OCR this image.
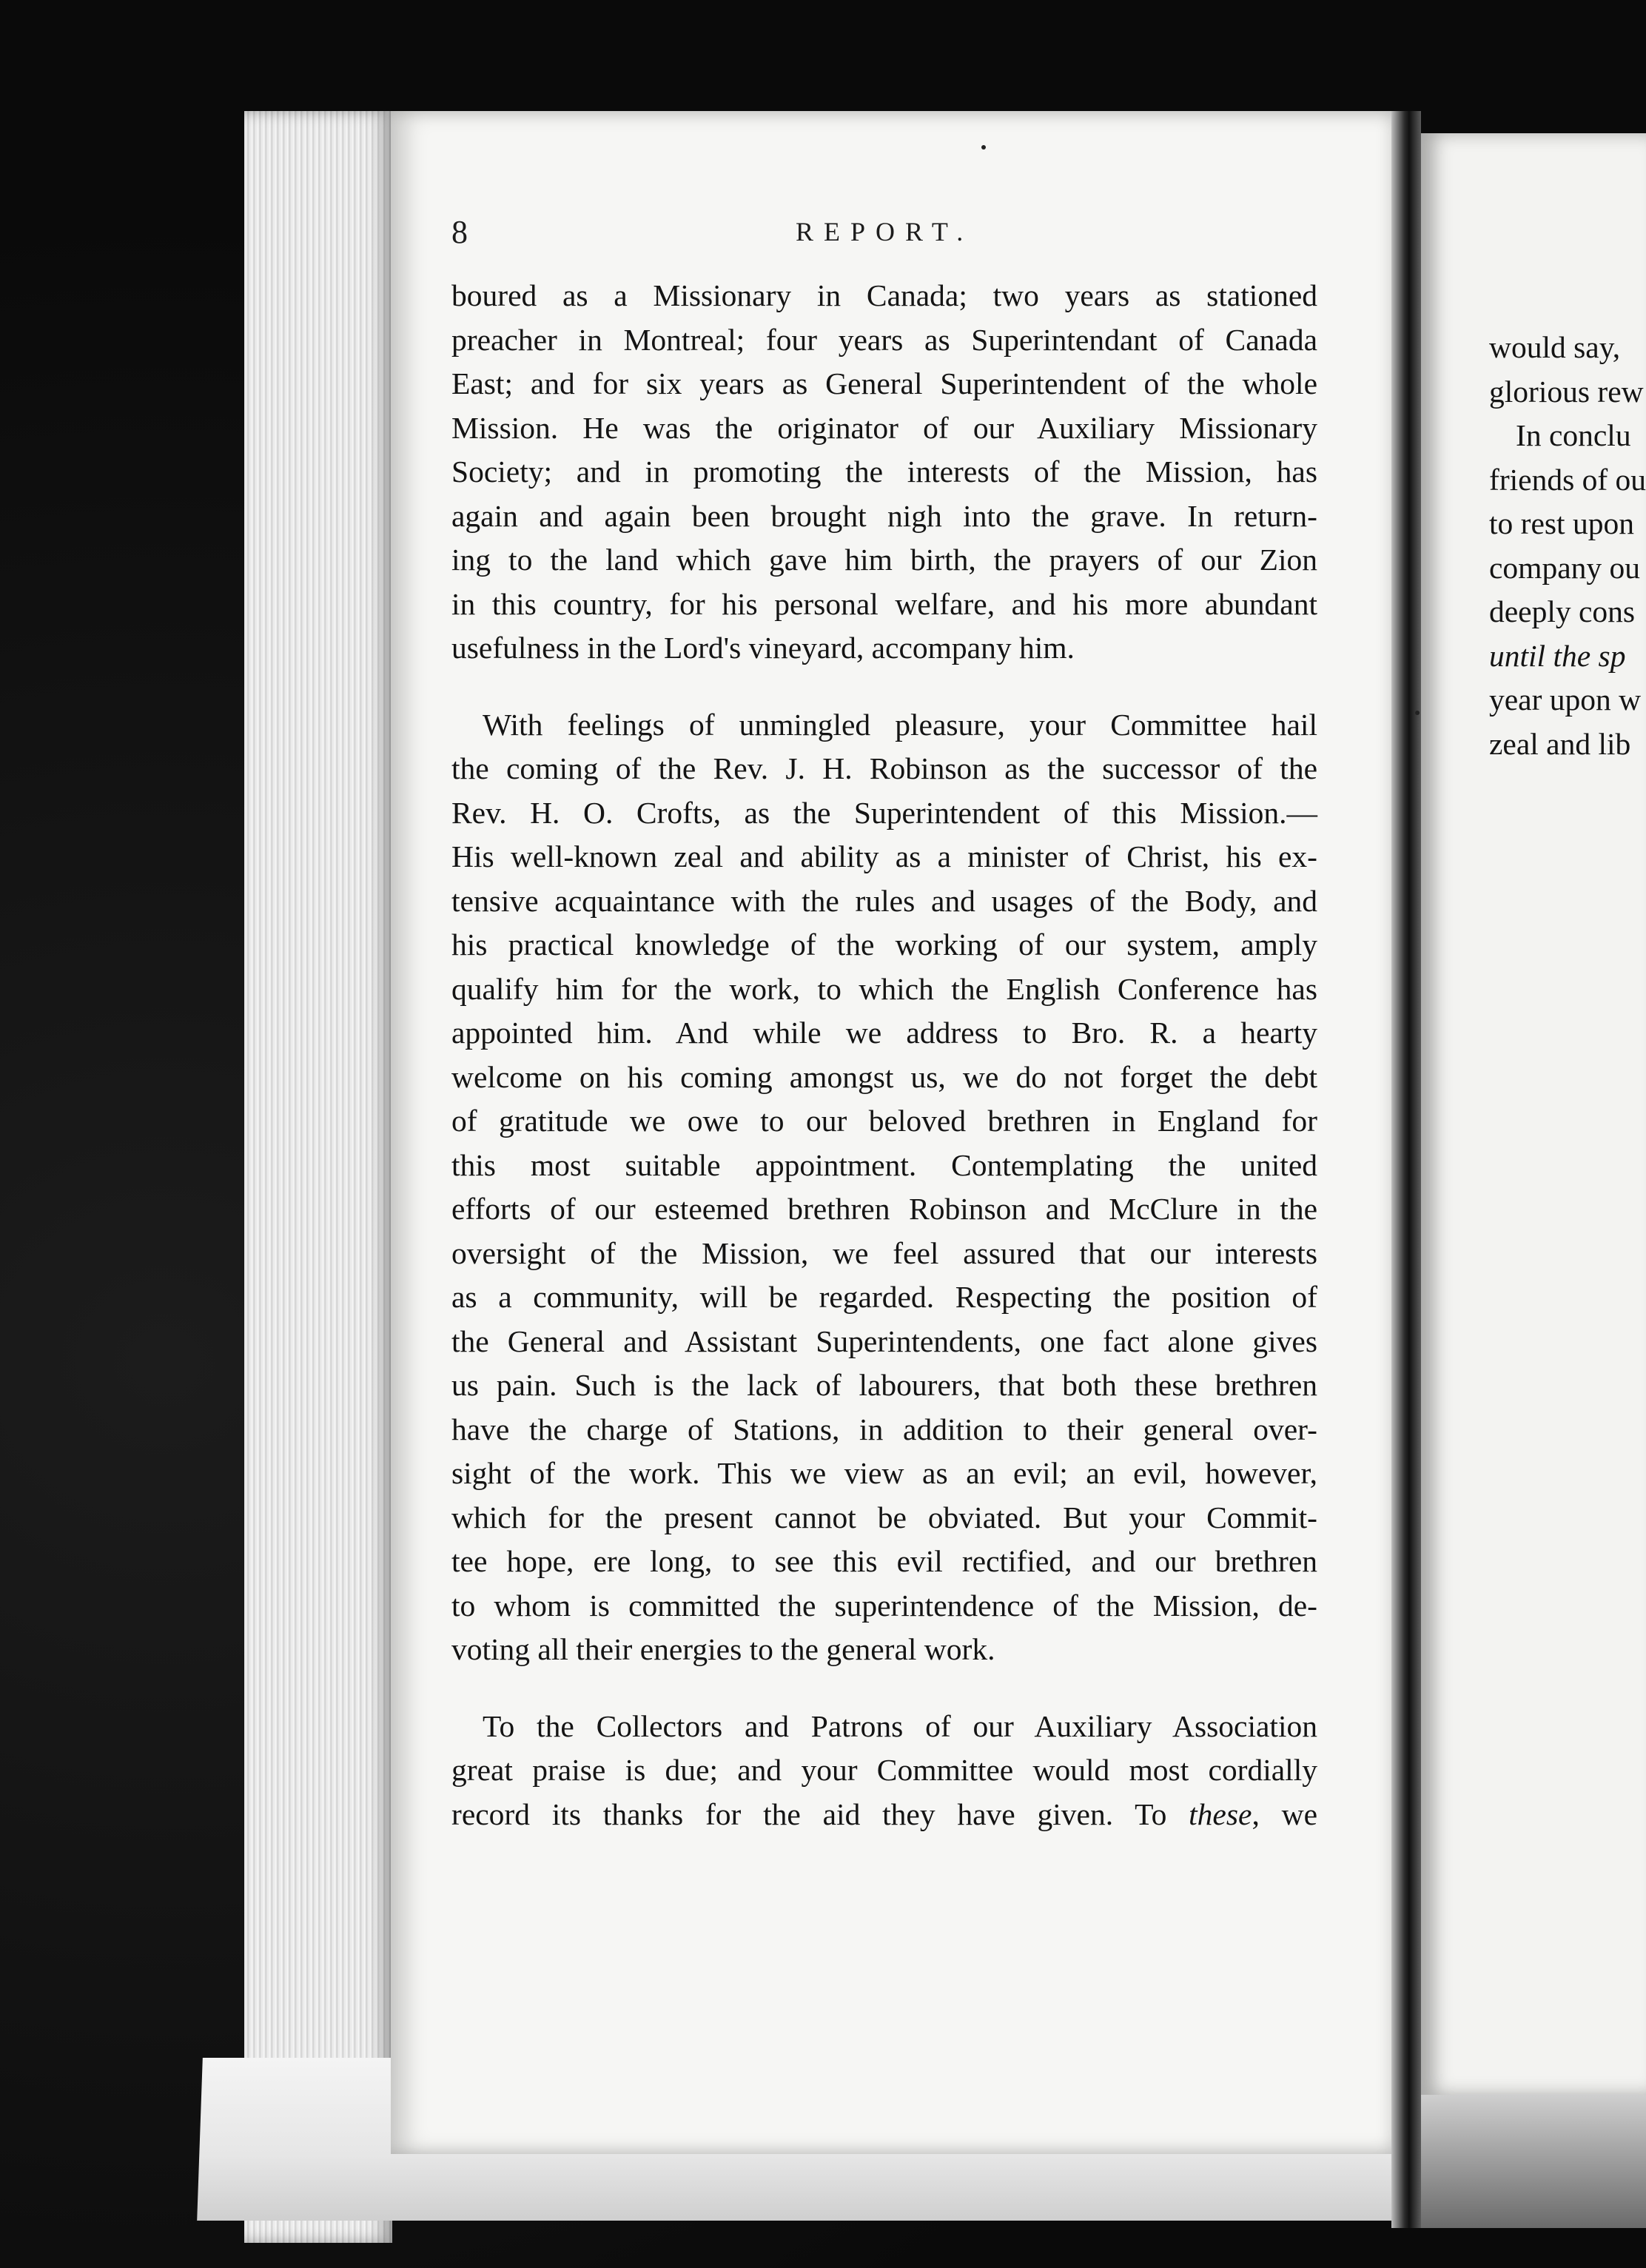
8	REPORT.

boured as a Missionary in Canada; two years as stationed
preacher in Montreal; four years as Superintendant of Canada
East; and for six years as General Superintendent of the whole
Mission. He was the originator of our Auxiliary Missionary
Society; and in promoting the interests of the Mission, has
again and again been brought nigh into the grave. In return-
ing to the land which gave him birth, the prayers of our Zion
in this country, for his personal welfare, and his more abundant
usefulness in the Lord's vineyard, accompany him.

With feelings of unmingled pleasure, your Committee hail
the coming of the Rev. J. H. Robinson as the successor of the
Rev. H. O. Crofts, as the Superintendent of this Mission.—
His well-known zeal and ability as a minister of Christ, his ex-
tensive acquaintance with the rules and usages of the Body, and
his practical knowledge of the working of our system, amply
qualify him for the work, to which the English Conference has
appointed him. And while we address to Bro. R. a hearty
welcome on his coming amongst us, we do not forget the debt
of gratitude we owe to our beloved brethren in England for
this most suitable appointment. Contemplating the united
efforts of our esteemed brethren Robinson and McClure in the
oversight of the Mission, we feel assured that our interests
as a community, will be regarded. Respecting the position of
the General and Assistant Superintendents, one fact alone gives
us pain. Such is the lack of labourers, that both these brethren
have the charge of Stations, in addition to their general over-
sight of the work. This we view as an evil; an evil, however,
which for the present cannot be obviated. But your Commit-
tee hope, ere long, to see this evil rectified, and our brethren
to whom is committed the superintendence of the Mission, de-
voting all their energies to the general work.

To the Collectors and Patrons of our Auxiliary Association
great praise is due; and your Committee would most cordially
record its thanks for the aid they have given. To these, we

would say,
glorious rew
In conclu
friends of ou
to rest upon
company ou
deeply cons
until the sp
year upon w
zeal and lib
